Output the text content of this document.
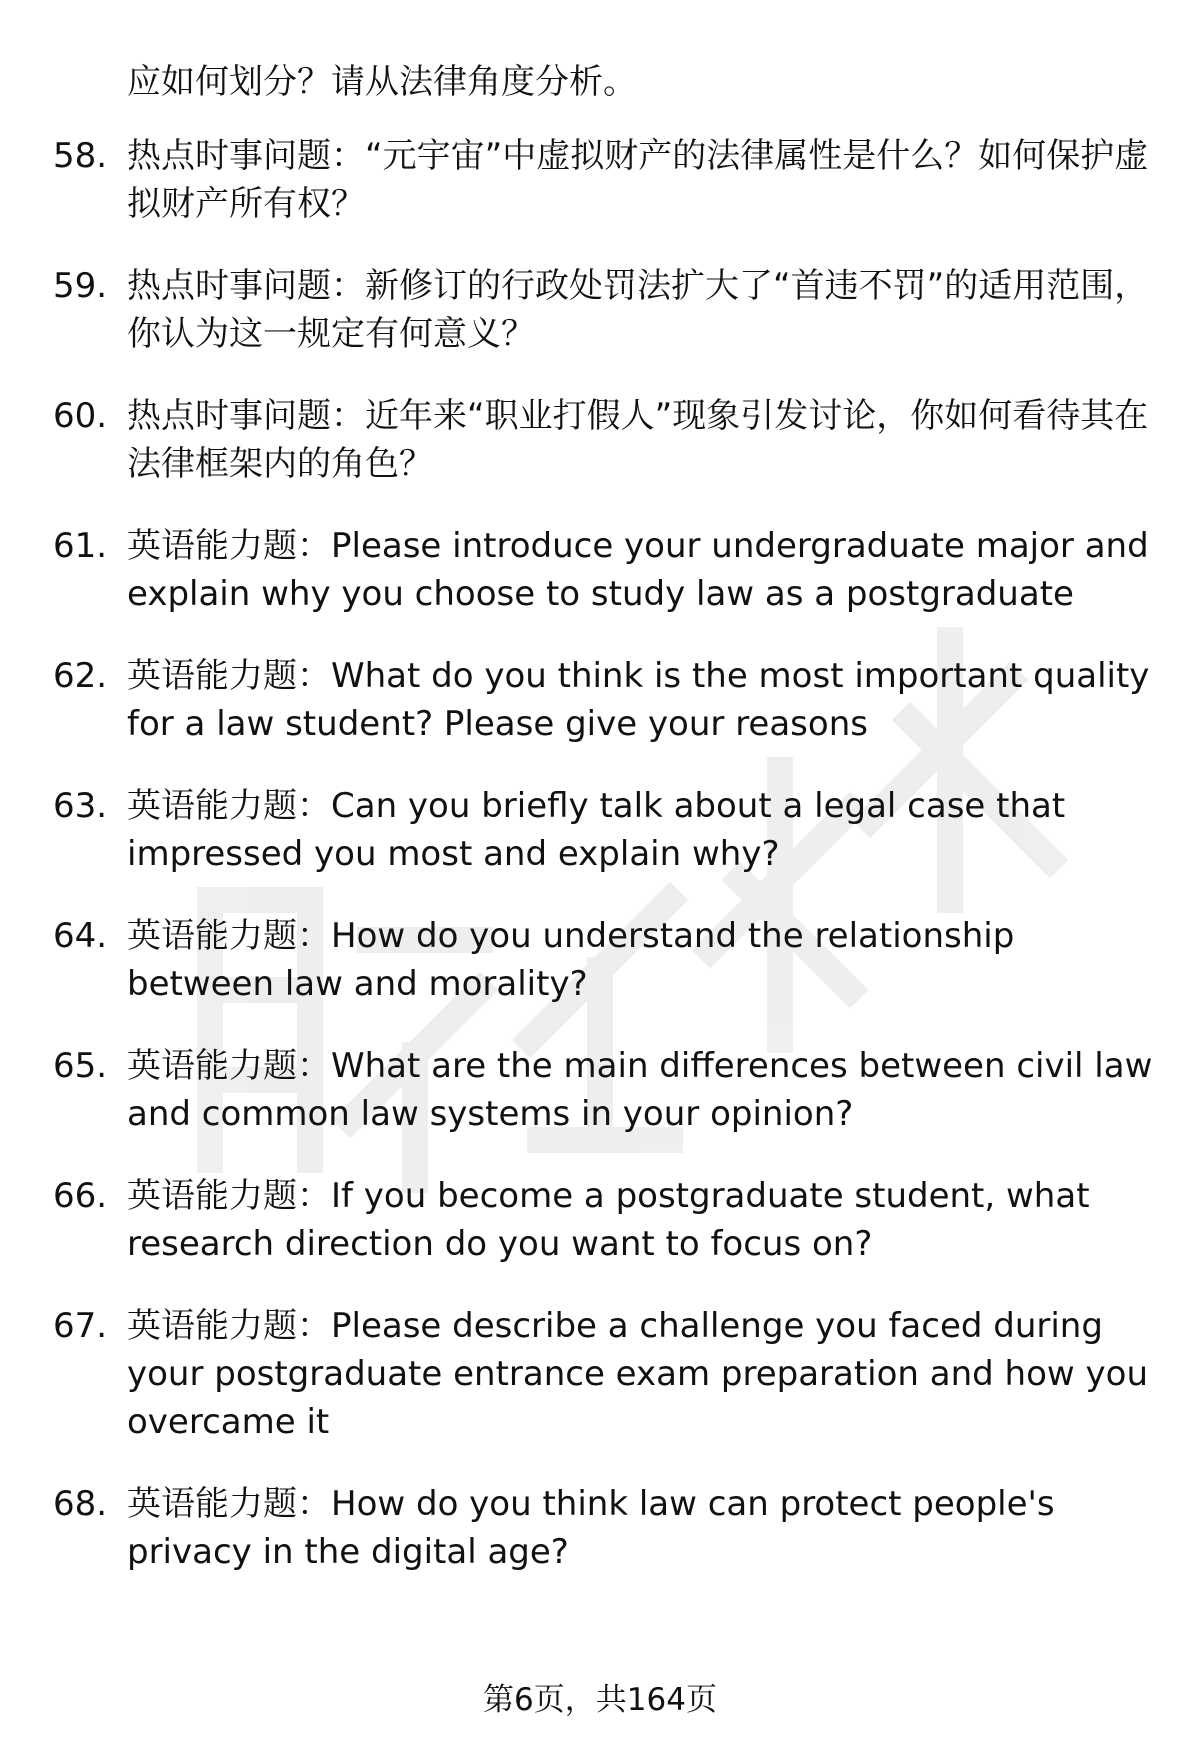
应如何划分？请从法律角度分析。
58. 热点时事问题：“元宇宙”中虚拟财产的法律属性是什么？如何保护虚拟财产所有权？
59. 热点时事问题：新修订的行政处罚法扩大了“首违不罚”的适用范围，你认为这一规定有何意义？
60. 热点时事问题：近年来“职业打假人”现象引发讨论，你如何看待其在法律框架内的角色？
61. 英语能力题：Please introduce your undergraduate major and explain why you choose to study law as a postgraduate
62. 英语能力题：What do you think is the most important quality for a law student? Please give your reasons
63. 英语能力题：Can you briefly talk about a legal case that impressed you most and explain why?
64. 英语能力题：How do you understand the relationship between law and morality?
65. 英语能力题：What are the main differences between civil law and common law systems in your opinion?
66. 英语能力题：If you become a postgraduate student, what research direction do you want to focus on?
67. 英语能力题：Please describe a challenge you faced during your postgraduate entrance exam preparation and how you overcame it
68. 英语能力题：How do you think law can protect people's privacy in the digital age?
第6页，共164页
